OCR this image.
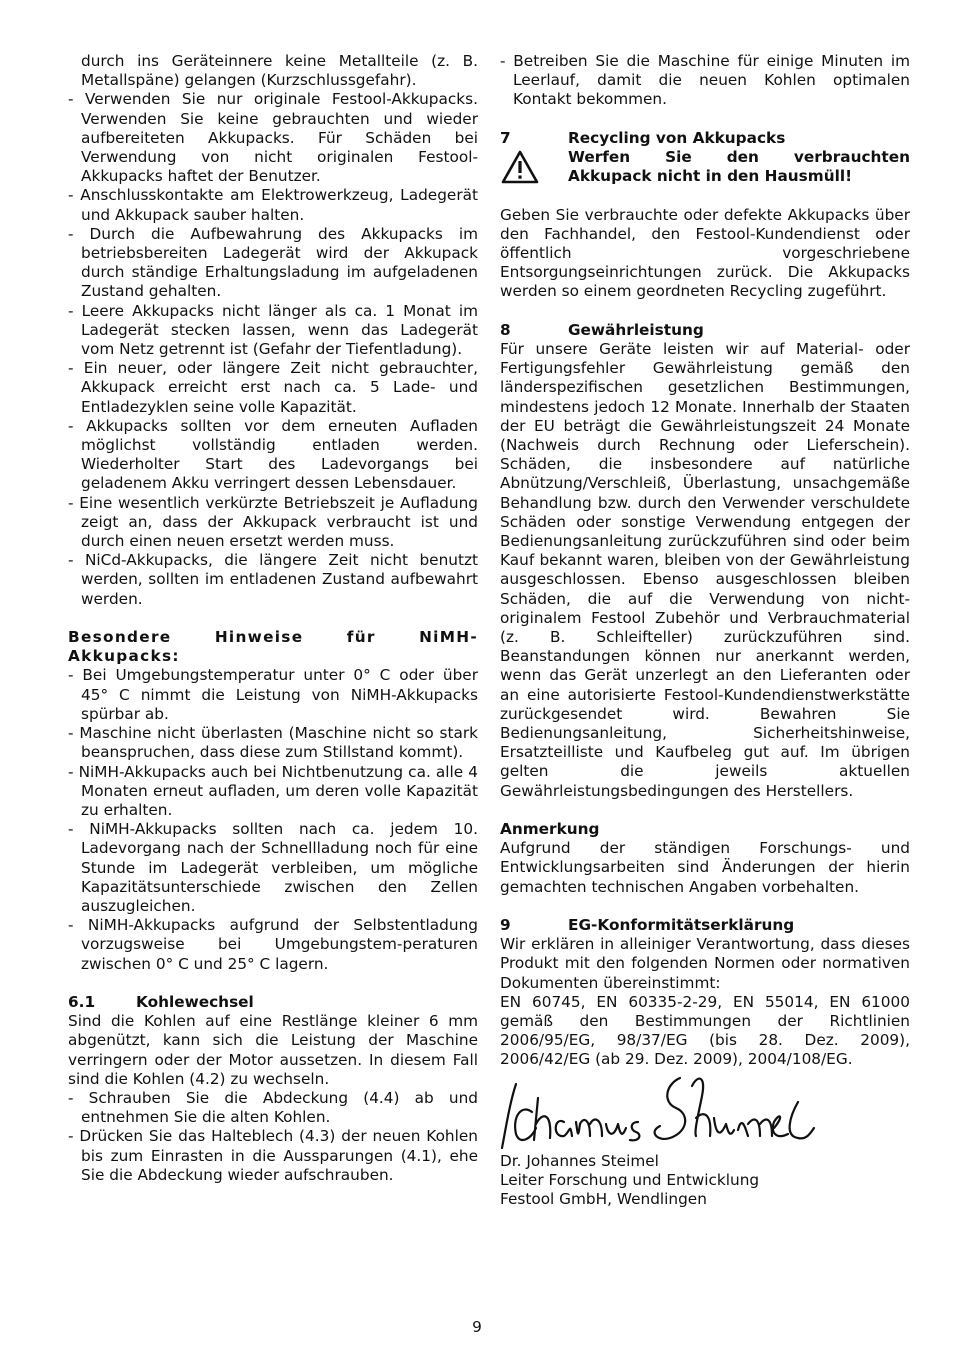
durch ins Geräteinnere keine Metallteile (z. B. Metallspäne) gelangen (Kurzschlussgefahr).

- Verwenden Sie nur originale Festool-Akkupacks. Verwenden Sie keine gebrauchten und wieder aufbereiteten Akkupacks. Für Schäden bei Verwendung von nicht originalen Festool-Akkupacks haftet der Benutzer.

- Anschlusskontakte am Elektrowerkzeug, Ladegerät und Akkupack sauber halten.

- Durch die Aufbewahrung des Akkupacks im betriebsbereiten Ladegerät wird der Akkupack durch ständige Erhaltungsladung im aufgeladenen Zustand gehalten.

- Leere Akkupacks nicht länger als ca. 1 Monat im Ladegerät stecken lassen, wenn das Ladegerät vom Netz getrennt ist (Gefahr der Tiefentladung).

- Ein neuer, oder längere Zeit nicht gebrauchter, Akkupack erreicht erst nach ca. 5 Lade- und Entladezyklen seine volle Kapazität.

- Akkupacks sollten vor dem erneuten Aufladen möglichst vollständig entladen werden. Wiederholter Start des Ladevorgangs bei geladenem Akku verringert dessen Lebensdauer.

- Eine wesentlich verkürzte Betriebszeit je Aufladung zeigt an, dass der Akkupack verbraucht ist und durch einen neuen ersetzt werden muss.

- NiCd-Akkupacks, die längere Zeit nicht benutzt werden, sollten im entladenen Zustand aufbewahrt werden.

Besondere Hinweise für NiMH-Akkupacks:

- Bei Umgebungstemperatur unter 0° C oder über 45° C nimmt die Leistung von NiMH-Akkupacks spürbar ab.

- Maschine nicht überlasten (Maschine nicht so stark beanspruchen, dass diese zum Stillstand kommt).

- NiMH-Akkupacks auch bei Nichtbenutzung ca. alle 4 Monaten erneut aufladen, um deren volle Kapazität zu erhalten.

- NiMH-Akkupacks sollten nach ca. jedem 10. Ladevorgang nach der Schnellladung noch für eine Stunde im Ladegerät verbleiben, um mögliche Kapazitätsunterschiede zwischen den Zellen auszugleichen.

- NiMH-Akkupacks aufgrund der Selbstentladung vorzugsweise bei Umgebungstem-peraturen zwischen 0° C und 25° C lagern.

6.1	Kohlewechsel

Sind die Kohlen auf eine Restlänge kleiner 6 mm abgenützt, kann sich die Leistung der Maschine verringern oder der Motor aussetzen. In diesem Fall sind die Kohlen (4.2) zu wechseln.

- Schrauben Sie die Abdeckung (4.4) ab und entnehmen Sie die alten Kohlen.

- Drücken Sie das Halteblech (4.3) der neuen Kohlen bis zum Einrasten in die Aussparungen (4.1), ehe Sie die Abdeckung wieder aufschrauben.

- Betreiben Sie die Maschine für einige Minuten im Leerlauf, damit die neuen Kohlen optimalen Kontakt bekommen.

7	Recycling von Akkupacks

Werfen Sie den verbrauchten Akkupack nicht in den Hausmüll!

Geben Sie verbrauchte oder defekte Akkupacks über den Fachhandel, den Festool-Kundendienst oder öffentlich vorgeschriebene Entsorgungseinrichtungen zurück. Die Akkupacks werden so einem geordneten Recycling zugeführt.

8	Gewährleistung

Für unsere Geräte leisten wir auf Material- oder Fertigungsfehler Gewährleistung gemäß den länderspezifischen gesetzlichen Bestimmungen, mindestens jedoch 12 Monate. Innerhalb der Staaten der EU beträgt die Gewährleistungszeit 24 Monate (Nachweis durch Rechnung oder Lieferschein). Schäden, die insbesondere auf natürliche Abnützung/Verschleiß, Überlastung, unsachgemäße Behandlung bzw. durch den Verwender verschuldete Schäden oder sonstige Verwendung entgegen der Bedienungsanleitung zurückzuführen sind oder beim Kauf bekannt waren, bleiben von der Gewährleistung ausgeschlossen. Ebenso ausgeschlossen bleiben Schäden, die auf die Verwendung von nicht-originalem Festool Zubehör und Verbrauchmaterial (z. B. Schleifteller) zurückzuführen sind. Beanstandungen können nur anerkannt werden, wenn das Gerät unzerlegt an den Lieferanten oder an eine autorisierte Festool-Kundendienstwerkstätte zurückgesendet wird. Bewahren Sie Bedienungsanleitung, Sicherheitshinweise, Ersatzteilliste und Kaufbeleg gut auf. Im übrigen gelten die jeweils aktuellen Gewährleistungsbedingungen des Herstellers.

Anmerkung

Aufgrund der ständigen Forschungs- und Entwicklungsarbeiten sind Änderungen der hierin gemachten technischen Angaben vorbehalten.

9	EG-Konformitätserklärung

Wir erklären in alleiniger Verantwortung, dass dieses Produkt mit den folgenden Normen oder normativen Dokumenten übereinstimmt:

EN 60745, EN 60335-2-29, EN 55014, EN 61000 gemäß den Bestimmungen der Richtlinien 2006/95/EG, 98/37/EG (bis 28. Dez. 2009), 2006/42/EG (ab 29. Dez. 2009), 2004/108/EG.

Dr. Johannes Steimel

Leiter Forschung und Entwicklung

Festool GmbH, Wendlingen

9
